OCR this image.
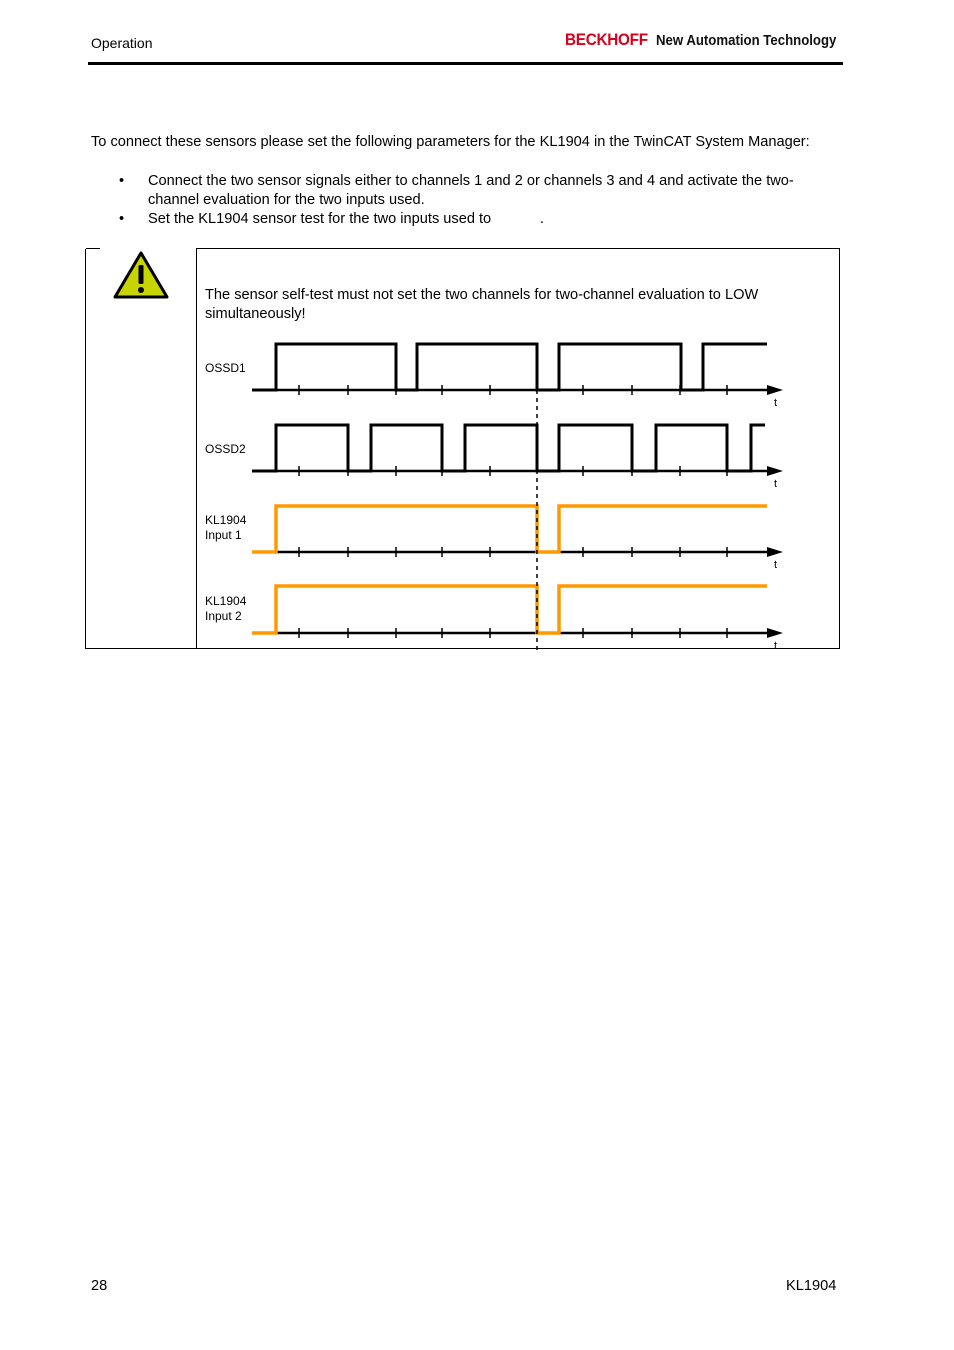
Operation	BECKHOFF New Automation Technology

To connect these sensors please set the following parameters for the KL1904 in the TwinCAT System Manager:

• Connect the two sensor signals either to channels 1 and 2 or channels 3 and 4 and activate the two-channel evaluation for the two inputs used.
• Set the KL1904 sensor test for the two inputs used to            .

The sensor self-test must not set the two channels for two-channel evaluation to LOW simultaneously!

OSSD1
t
OSSD2
t
KL1904
Input 1
t
KL1904
Input 2
t
28	KL1904
